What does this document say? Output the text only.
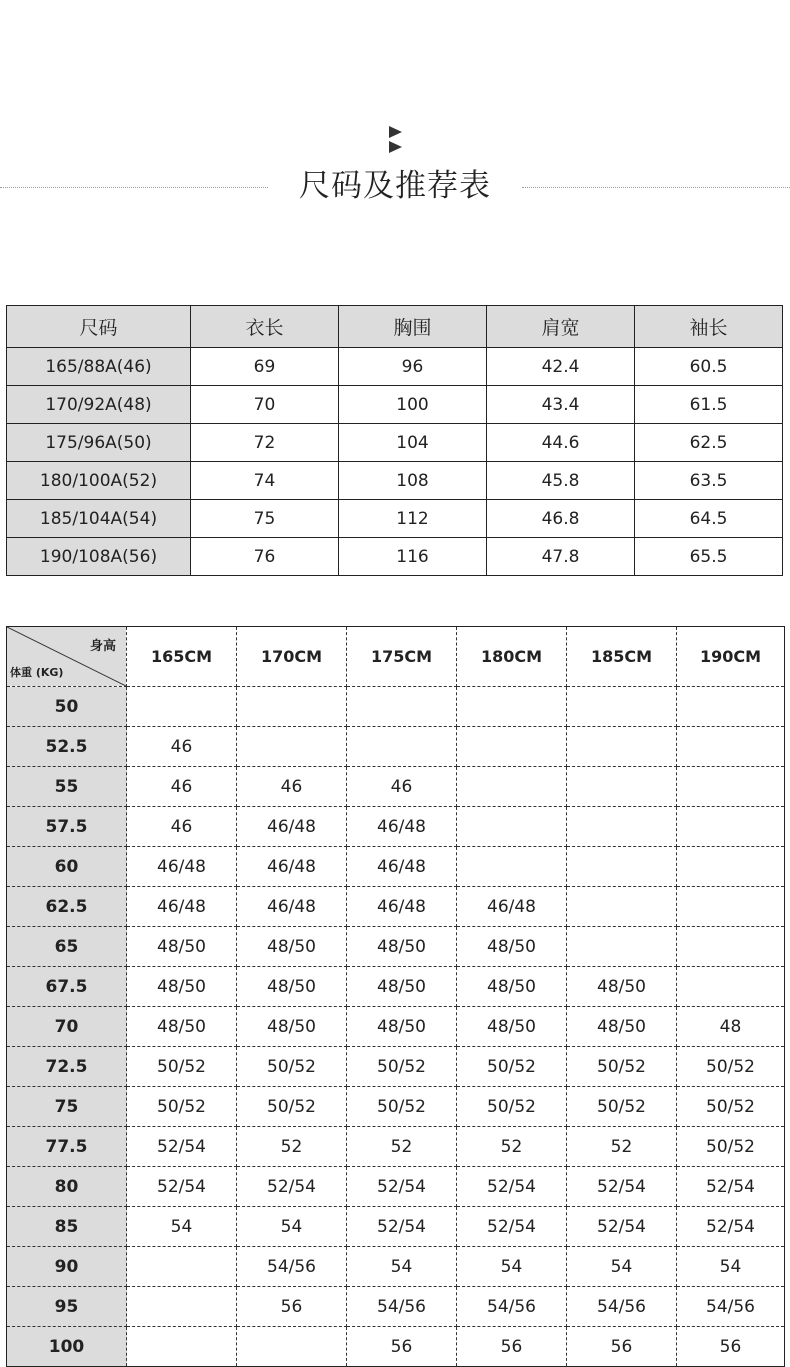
尺码及推荐表
尺码	衣长	胸围	肩宽	袖长
165/88A(46)	69	96	42.4	60.5
170/92A(48)	70	100	43.4	61.5
175/96A(50)	72	104	44.6	62.5
180/100A(52)	74	108	45.8	63.5
185/104A(54)	75	112	46.8	64.5
190/108A(56)	76	116	47.8	65.5
身高
体重 (KG)	165CM	170CM	175CM	180CM	185CM	190CM
50						
52.5	46					
55	46	46	46			
57.5	46	46/48	46/48			
60	46/48	46/48	46/48			
62.5	46/48	46/48	46/48	46/48		
65	48/50	48/50	48/50	48/50		
67.5	48/50	48/50	48/50	48/50	48/50	
70	48/50	48/50	48/50	48/50	48/50	48
72.5	50/52	50/52	50/52	50/52	50/52	50/52
75	50/52	50/52	50/52	50/52	50/52	50/52
77.5	52/54	52	52	52	52	50/52
80	52/54	52/54	52/54	52/54	52/54	52/54
85	54	54	52/54	52/54	52/54	52/54
90		54/56	54	54	54	54
95		56	54/56	54/56	54/56	54/56
100			56	56	56	56
